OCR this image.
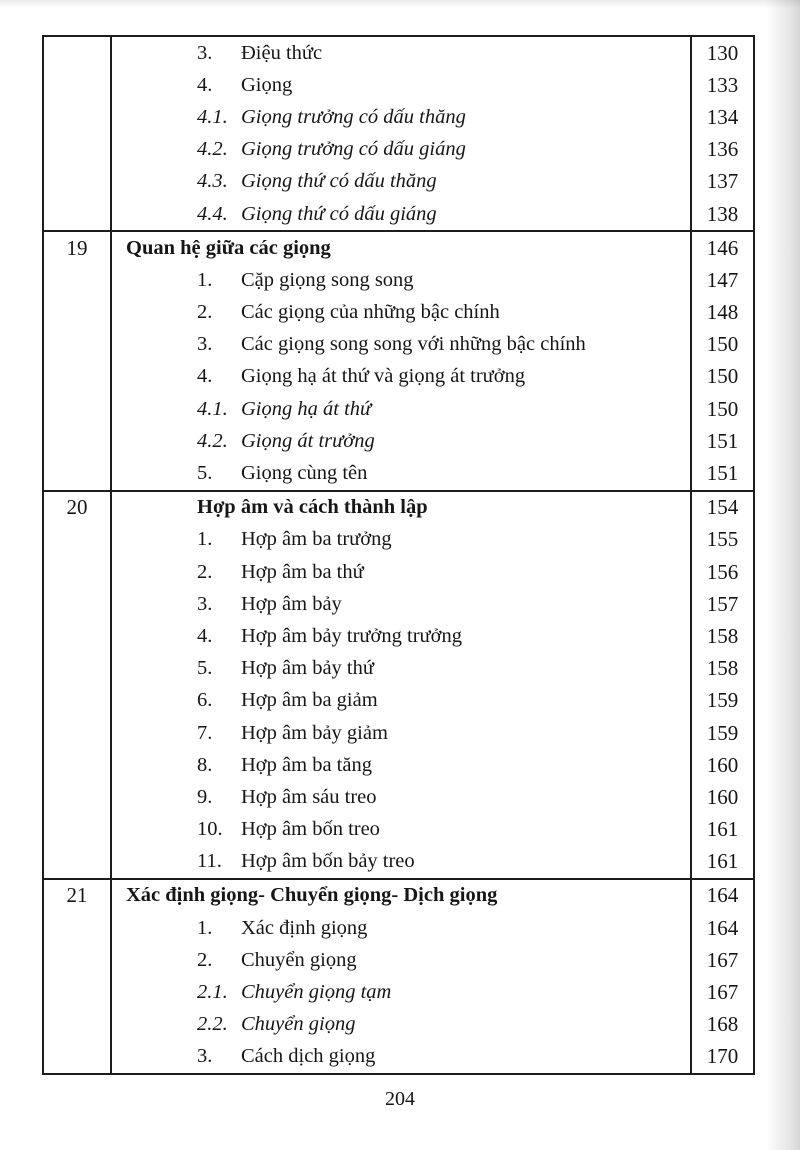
3.	Điệu thức	130
4.	Giọng	133
4.1. Giọng trưởng có dấu thăng	134
4.2. Giọng trưởng có dấu giáng	136
4.3. Giọng thứ có dấu thăng	137
4.4. Giọng thứ có dấu giáng	138
19	Quan hệ giữa các giọng	146
1.	Cặp giọng song song	147
2.	Các giọng của những bậc chính	148
3.	Các giọng song song với những bậc chính	150
4.	Giọng hạ át thứ và giọng át trưởng	150
4.1. Giọng hạ át thứ	150
4.2. Giọng át trưởng	151
5.	Giọng cùng tên	151
20	Hợp âm và cách thành lập	154
1.	Hợp âm ba trưởng	155
2.	Hợp âm ba thứ	156
3.	Hợp âm bảy	157
4.	Hợp âm bảy trưởng trưởng	158
5.	Hợp âm bảy thứ	158
6.	Hợp âm ba giảm	159
7.	Hợp âm bảy giảm	159
8.	Hợp âm ba tăng	160
9.	Hợp âm sáu treo	160
10. Hợp âm bốn treo	161
11. Hợp âm bốn bảy treo	161
21	Xác định giọng- Chuyển giọng- Dịch giọng	164
1.	Xác định giọng	164
2.	Chuyển giọng	167
2.1. Chuyển giọng tạm	167
2.2. Chuyển giọng	168
3.	Cách dịch giọng	170
204
